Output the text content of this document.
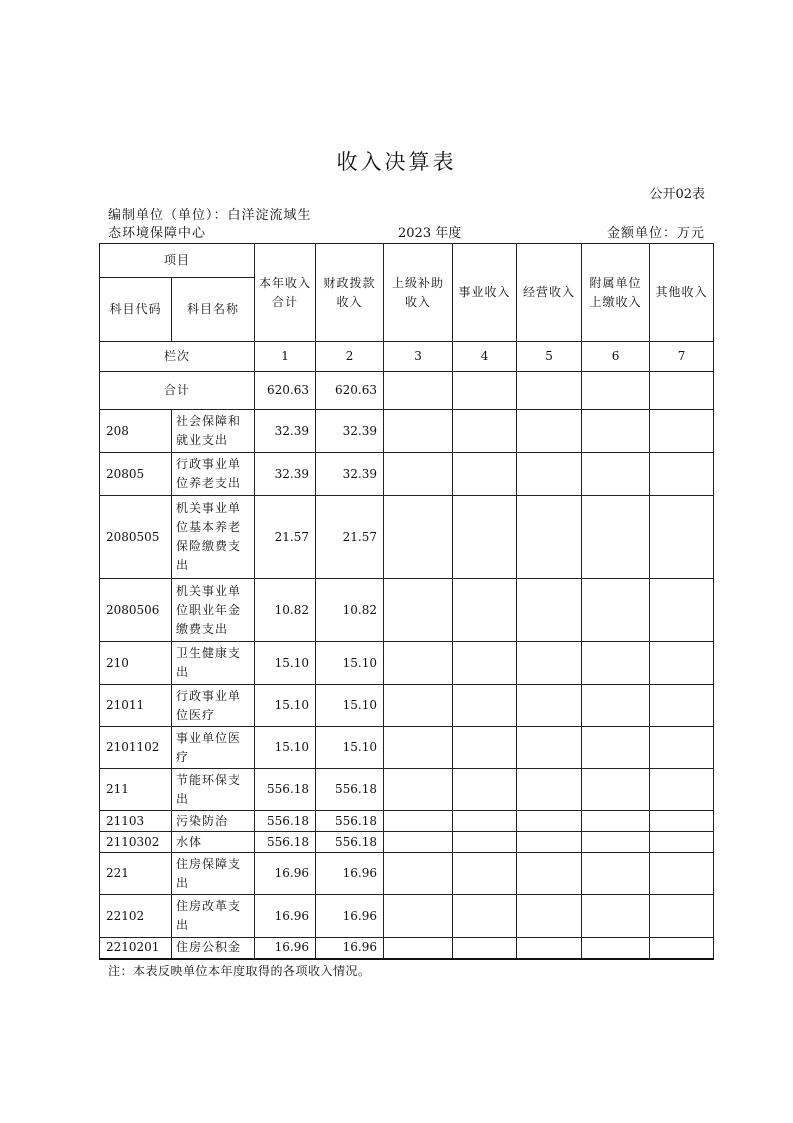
收入决算表
公开02表
编制单位（单位）：白洋淀流域生
态环境保障中心	2023 年度	金额单位：万元
项目		本年收入合计	财政拨款收入	上级补助收入	事业收入	经营收入	附属单位上缴收入	其他收入
科目代码	科目名称							

栏次		1	2	3	4	5	6	7
合计		620.63	620.63					
208	社会保障和就业支出	32.39	32.39					
20805	行政事业单位养老支出	32.39	32.39					
2080505	机关事业单位基本养老保险缴费支出	21.57	21.57					
2080506	机关事业单位职业年金缴费支出	10.82	10.82					
210	卫生健康支出	15.10	15.10					
21011	行政事业单位医疗	15.10	15.10					
2101102	事业单位医疗	15.10	15.10					
211	节能环保支出	556.18	556.18					
21103	污染防治	556.18	556.18					
2110302	水体	556.18	556.18					
221	住房保障支出	16.96	16.96					
22102	住房改革支出	16.96	16.96					
2210201	住房公积金	16.96	16.96					
注：本表反映单位本年度取得的各项收入情况。
